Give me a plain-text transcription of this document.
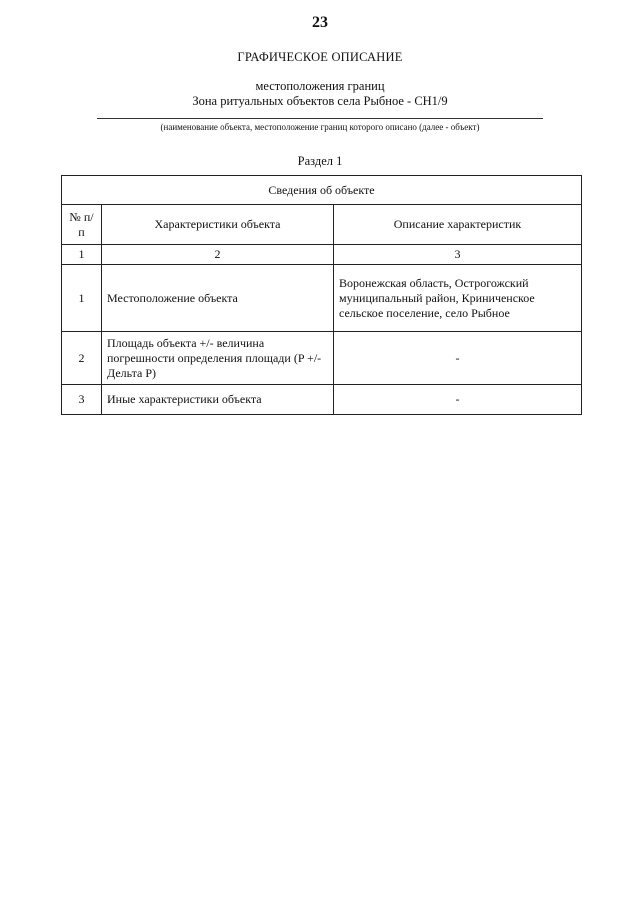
23
ГРАФИЧЕСКОЕ ОПИСАНИЕ
местоположения границ
Зона ритуальных объектов села Рыбное - СН1/9
(наименование объекта, местоположение границ которого описано (далее - объект)
Раздел 1
Сведения об объекте		
№ п/п	Характеристики объекта	Описание характеристик
1	2	3
1	Местоположение объекта	Воронежская область, Острогожский муниципальный район, Криниченское сельское поселение, село Рыбное
2	Площадь объекта +/- величина погрешности определения площади (P +/- Дельта P)	-
3	Иные характеристики объекта	-
